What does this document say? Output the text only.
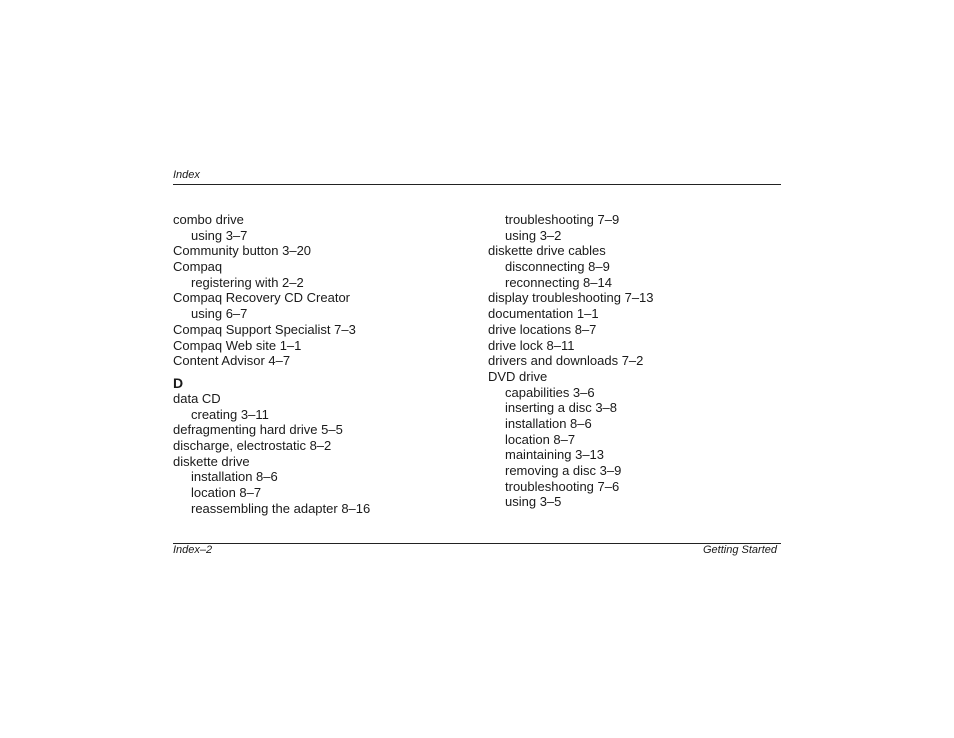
Index
combo drive
using 3–7
Community button 3–20
Compaq
registering with 2–2
Compaq Recovery CD Creator
using 6–7
Compaq Support Specialist 7–3
Compaq Web site 1–1
Content Advisor 4–7
D
data CD
creating 3–11
defragmenting hard drive 5–5
discharge, electrostatic 8–2
diskette drive
installation 8–6
location 8–7
reassembling the adapter 8–16
troubleshooting 7–9
using 3–2
diskette drive cables
disconnecting 8–9
reconnecting 8–14
display troubleshooting 7–13
documentation 1–1
drive locations 8–7
drive lock 8–11
drivers and downloads 7–2
DVD drive
capabilities 3–6
inserting a disc 3–8
installation 8–6
location 8–7
maintaining 3–13
removing a disc 3–9
troubleshooting 7–6
using 3–5
Index–2	Getting Started
